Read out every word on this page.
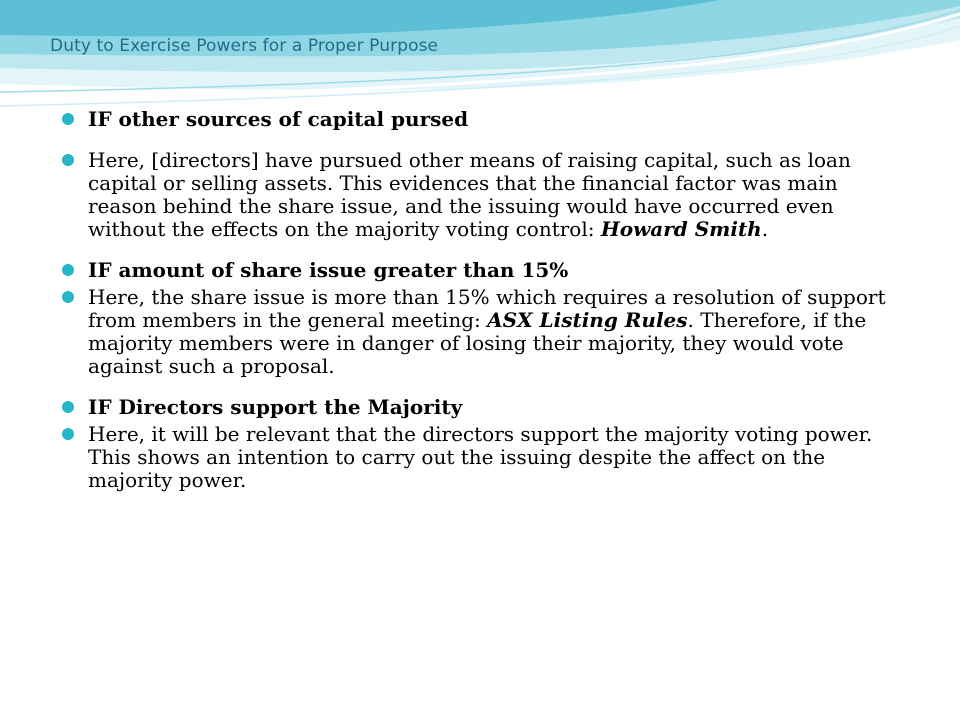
Duty to Exercise Powers for a Proper Purpose
IF other sources of capital pursed
Here, [directors] have pursued other means of raising capital, such as loan capital or selling assets. This evidences that the financial factor was main reason behind the share issue, and the issuing would have occurred even without the effects on the majority voting control: Howard Smith.
IF amount of share issue greater than 15%
Here, the share issue is more than 15% which requires a resolution of support from members in the general meeting: ASX Listing Rules. Therefore, if the majority members were in danger of losing their majority, they would vote against such a proposal.
IF Directors support the Majority
Here, it will be relevant that the directors support the majority voting power. This shows an intention to carry out the issuing despite the affect on the majority power.
